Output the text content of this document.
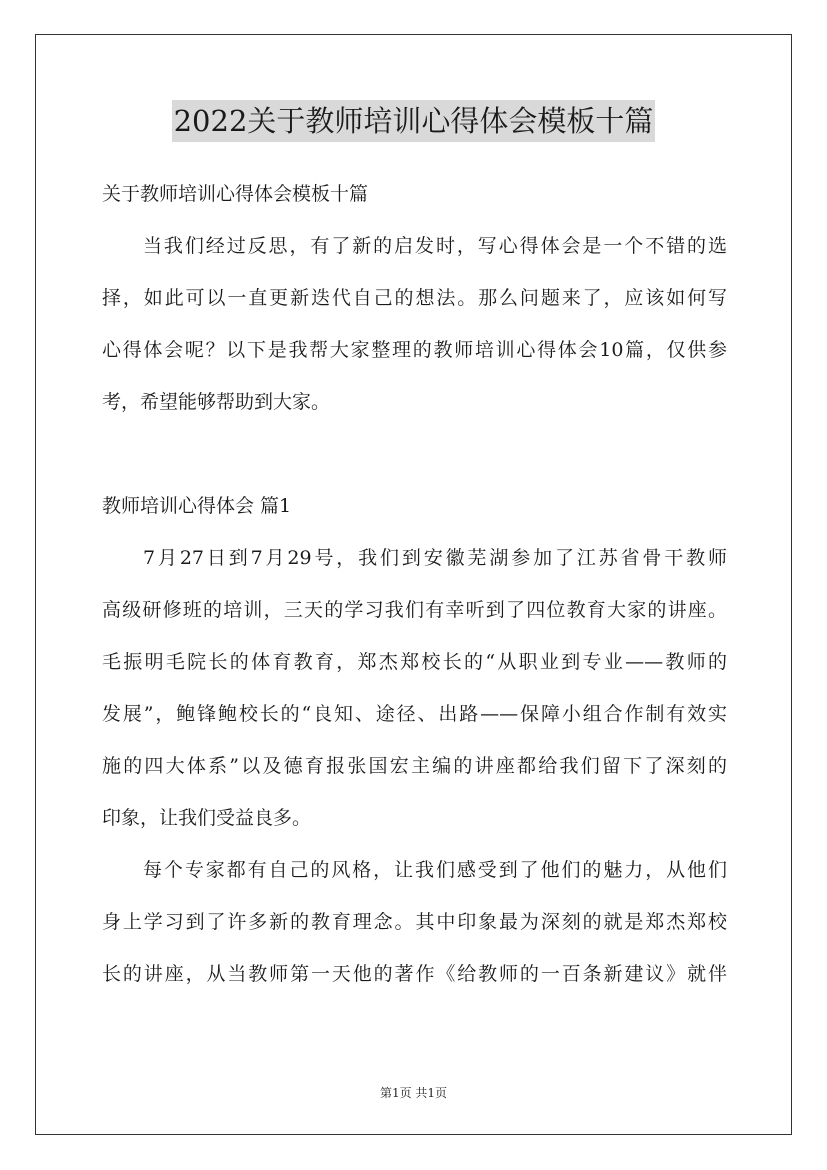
2022关于教师培训心得体会模板十篇
关于教师培训心得体会模板十篇
当我们经过反思，有了新的启发时，写心得体会是一个不错的选
择，如此可以一直更新迭代自己的想法。那么问题来了，应该如何写
心得体会呢？以下是我帮大家整理的教师培训心得体会10篇，仅供参
考，希望能够帮助到大家。
教师培训心得体会 篇1
7月27日到7月29号，我们到安徽芜湖参加了江苏省骨干教师
高级研修班的培训，三天的学习我们有幸听到了四位教育大家的讲座。
毛振明毛院长的体育教育，郑杰郑校长的“从职业到专业——教师的
发展”，鲍锋鲍校长的“良知、途径、出路——保障小组合作制有效实
施的四大体系”以及德育报张国宏主编的讲座都给我们留下了深刻的
印象，让我们受益良多。
每个专家都有自己的风格，让我们感受到了他们的魅力，从他们
身上学习到了许多新的教育理念。其中印象最为深刻的就是郑杰郑校
长的讲座，从当教师第一天他的著作《给教师的一百条新建议》就伴
第1页 共1页
